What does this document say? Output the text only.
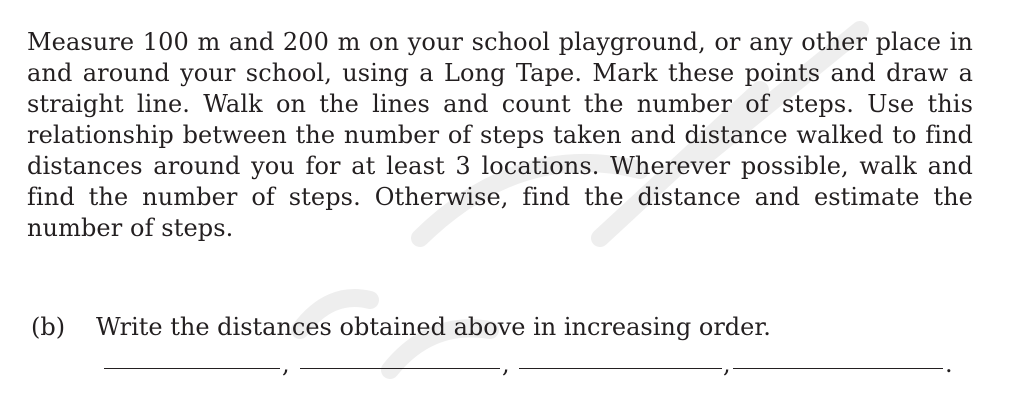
Measure 100 m and 200 m on your school playground, or any other place in and around your school, using a Long Tape. Mark these points and draw a straight line. Walk on the lines and count the number of steps. Use this relationship between the number of steps taken and distance walked to find distances around you for at least 3 locations. Wherever possible, walk and find the number of steps. Otherwise, find the distance and estimate the number of steps.

(b) Write the distances obtained above in increasing order.
,	,	,	.
